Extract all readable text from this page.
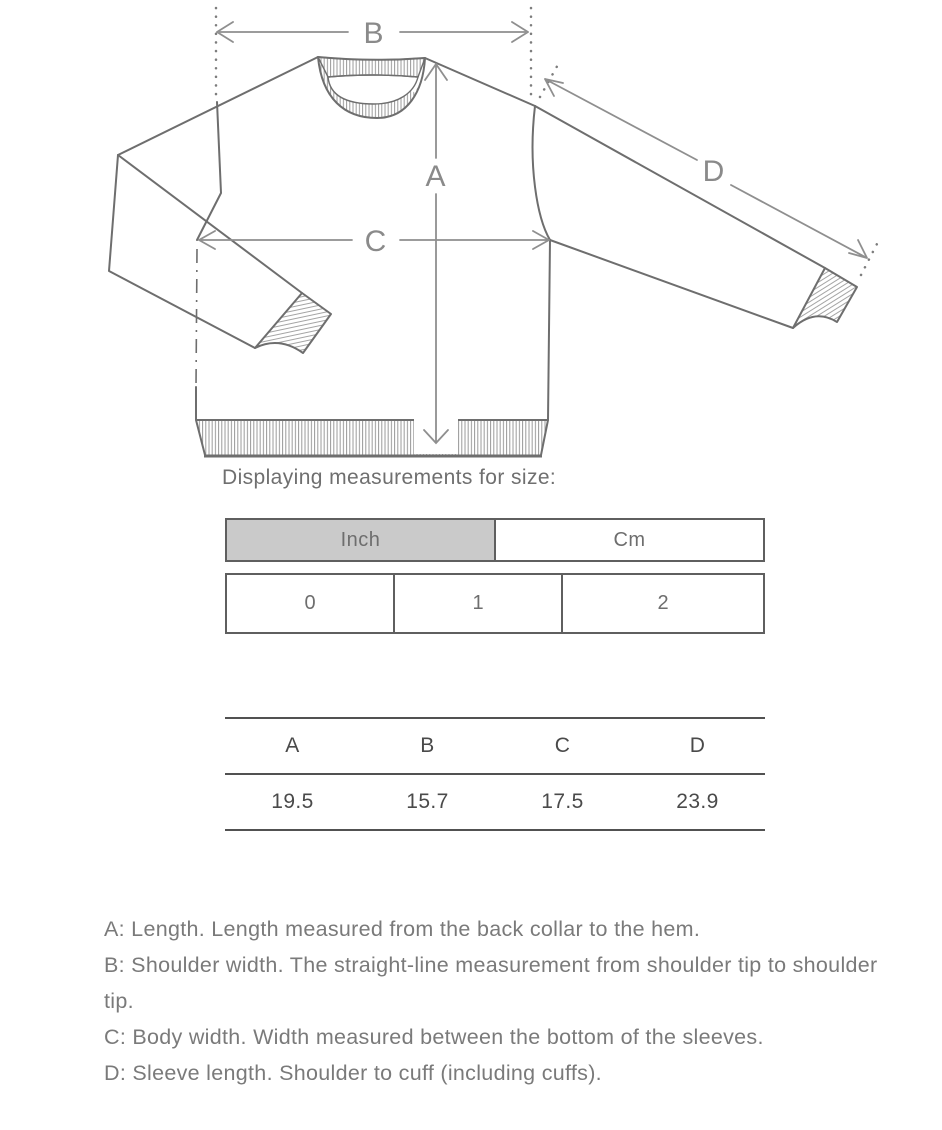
B
A
C
D
Displaying measurements for size:
Inch	Cm
0	1	2
A	B	C	D
19.5	15.7	17.5	23.9
A: Length. Length measured from the back collar to the hem.
B: Shoulder width. The straight-line measurement from shoulder tip to shoulder tip.
C: Body width. Width measured between the bottom of the sleeves.
D: Sleeve length. Shoulder to cuff (including cuffs).
